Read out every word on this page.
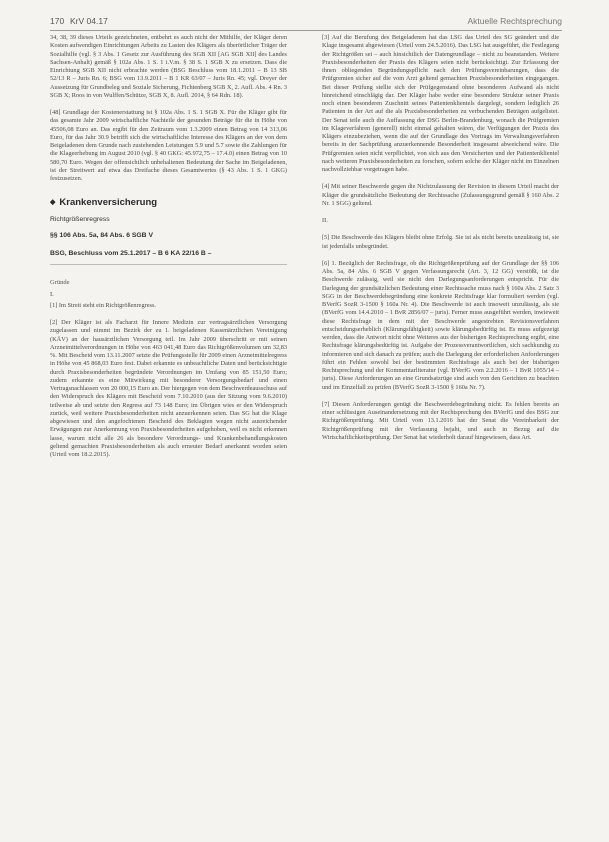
170 KrV 04.17	Aktuelle Rechtsprechung

34, 38, 39 dieses Urteils gezeichneten, entbehrt es auch nicht der Mithilfe, der Kläger deren Kosten aufwendigen Einrichtungen Arbeits zu Lasten des Klägers als überörtlicher Träger der Sozialhilfe (vgl. § 3 Abs. 1 Gesetz zur Ausführung des SGB XII [AG SGB XII] des Landes Sachsen-Anhalt) gemäß § 102a Abs. 1 S. 1 i.V.m. § 38 S. 1 SGB X zu ersetzen. Dass die Einrichtung SGB XII nicht erbrachte werden (BSG Beschluss vom 18.1.2011 – B 13 SB 52/13 R – Juris Rn. 6; BSG vom 13.9.2011 – B 1 KR 63/07 – Juris Rn. 45; vgl. Dreyer der Aussetzung für Grundbeleg und Soziale Sicherung, Fichtenberg SGB X, 2. Aufl. Abs. 4 Rn. 3 SGB X; Roos in von Wulffen/Schütze, SGB X, 8. Aufl. 2014, § 64 Rdn. 18).

[48] Grundlage der Kostenerstattung ist § 102a Abs. 1 S. 1 SGB X. Für die Kläger gibt für das gesamte Jahr 2009 wirtschaftliche Nachteile der gesunden Beträge für die in Höhe von 45506,08 Euro an. Das ergibt für den Zeitraum vom 1.3.2009 einen Betrag von 14 313,06 Euro, für das Jahr 30.9 betrifft sich die wirtschaftliche Interesse des Klägers an der von dem Beigeladenen dem Grunde nach zustehenden Leistungen 5.9 und 5.7 sowie die Zahlungen für die Klageerhebung im August 2010 (vgl. § 40 GKG: 45.972,75 – 17.4.0) einen Betrag von 10 580,70 Euro. Wegen der offensichtlich unbehaltenen Bedeutung der Sache im Beigeladenen, ist der Streitwert auf etwa das Dreifache dieses Gesamtwertes (§ 43 Abs. 1 S. 1 GKG) festzusetzen.

◆ Krankenversicherung
Richtgrößenregress
§§ 106 Abs. 5a, 84 Abs. 6 SGB V
BSG, Beschluss vom 25.1.2017 – B 6 KA 22/16 B –
Gründe
I.

[1] Im Streit steht ein Richtgrößenregress.

[2] Der Kläger ist als Facharzt für Innere Medizin zur vertragsärztlichen Versorgung zugelassen und nimmt im Bezirk der zu 1. beigeladenen Kassenärztlichen Vereinigung (KÄV) an der hausärztlichen Versorgung teil. Im Jahr 2009 überschritt er mit seinen Arzneimittelverordnungen in Höhe von 463 041,48 Euro das Richtgrößenvolumen um 32,83 %. Mit Bescheid vom 13.11.2007 setzte die Prüfungsstelle für 2009 einen Arzneimittelregress in Höhe von 45 868,03 Euro fest. Dabei erkannte es unbeachtliche Daten und berücksichtigte durch Praxisbesonderheiten begründete Verordnungen im Umfang von 85 151,50 Euro; zudem erkannte es eine Mitwirkung mit besonderer Versorgungsbedarf und einen Vertragsnachlassen von 20 000,15 Euro an. Der hiergegen von dem Beschwerdeausschuss auf den Widerspruch des Klägers mit Bescheid vom 7.10.2010 (aus der Sitzung vom 9.6.2010) teilweise ab und setzte den Regress auf 73 148 Euro; im Übrigen wies er den Widerspruch zurück, weil weitere Praxisbesonderheiten nicht anzuerkennen seien. Das SG hat die Klage abgewiesen und den angefochtenen Bescheid des Beklagten wegen nicht ausreichender Erwägungen zur Anerkennung von Praxisbesonderheiten aufgehoben, weil es nicht erkennen lasse, warum nicht alle 26 als besondere Verordnungs- und Krankenbehandlungskosten geltend gemachten Praxisbesonderheiten als auch erneuter Bedarf anerkannt worden seien (Urteil vom 18.2.2015).

[3] Auf die Berufung des Beigeladenen hat das LSG das Urteil des SG geändert und die Klage insgesamt abgewiesen (Urteil vom 24.5.2016). Das LSG hat ausgeführt, die Festlegung der Richtgrößen sei – auch hinsichtlich der Datengrundlage – nicht zu beanstanden. Weitere Praxisbesonderheiten der Praxis des Klägers seien nicht berücksichtigt. Zur Erfassung der ihnen obliegenden Begründungspflicht nach den Prüfungsvereinbarungen, dass die Prüfgremien sicher auf die vom Arzt geltend gemachten Praxisbesonderheiten eingegangen. Bei dieser Prüfung stellte sich der Prüfgegenstand ohne besonderen Aufwand als nicht hinreichend einschlägig dar. Der Kläger habe weder eine besondere Struktur seiner Praxis noch einen besonderen Zuschnitt seines Patientenklientels dargelegt, sondern lediglich 26 Patienten in der Art auf die als Praxisbesonderheiten zu verbuchenden Beträgen aufgelistet. Der Senat teile auch die Auffassung der DSG Berlin-Brandenburg, wonach die Prüfgremien im Klageverfahren (generell) nicht einmal gehalten wären, die Verfügungen der Praxis des Klägers einzubeziehen, wenn die auf der Grundlage des Vortrags im Verwaltungsverfahren bereits in der Sachprüfung anzuerkennende Besonderheit insgesamt abweichend wäre. Die Prüfgremien seien nicht verpflichtet, von sich aus den Versicherten und der Patientenklientel nach weiteren Praxisbesonderheiten zu forschen, sofern solche der Kläger nicht im Einzelnen nachvollziehbar vorgetragen habe.

[4] Mit seiner Beschwerde gegen die Nichtzulassung der Revision in diesem Urteil macht der Kläger die grundsätzliche Bedeutung der Rechtssache (Zulassungsgrund gemäß § 160 Abs. 2 Nr. 1 SGG) geltend.

II.

[5] Die Beschwerde des Klägers bleibt ohne Erfolg. Sie ist als nicht bereits unzulässig ist, sie ist jedenfalls unbegründet.

[6] 1. Bezüglich der Rechtsfrage, ob die Richtgrößenprüfung auf der Grundlage der §§ 106 Abs. 5a, 84 Abs. 6 SGB V gegen Verfassungsrecht (Art. 3, 12 GG) verstößt, ist die Beschwerde zulässig, weil sie nicht den Darlegungsanforderungen entspricht. Für die Darlegung der grundsätzlichen Bedeutung einer Rechtssache muss nach § 160a Abs. 2 Satz 3 SGG in der Beschwerdebegründung eine konkrete Rechtsfrage klar formuliert werden (vgl. BVerfG SozR 3-1500 § 160a Nr. 4). Die Beschwerde ist auch insoweit unzulässig, als sie (BVerfG vom 14.4.2010 – 1 BvR 2856/07 – juris). Ferner muss ausgeführt werden, inwieweit diese Rechtsfrage in dem mit der Beschwerde angestrebten Revisionsverfahren entscheidungserheblich (Klärungsfähigkeit) sowie klärungsbedürftig ist. Es muss aufgezeigt werden, dass die Antwort nicht ohne Weiteres aus der bisherigen Rechtsprechung ergibt, eine Rechtsfrage klärungsbedürftig ist. Aufgabe der Prozessverantwortlichen, sich sachkundig zu informieren und sich danach zu prüfen; auch die Darlegung der erforderlichen Anforderungen führt ein Fehlen sowohl bei der bestimmten Rechtsfrage als auch bei der bisherigen Rechtsprechung und der Kommentarliteratur (vgl. BVerfG vom 2.2.2016 – 1 BvR 1055/14 – juris). Diese Anforderungen an eine Grundsatzrüge sind auch von den Gerichten zu beachten und im Einzelfall zu prüfen (BVerfG SozR 3-1500 § 160a Nr. 7).

[7] Diesen Anforderungen genügt die Beschwerdebegründung nicht. Es fehlen bereits an einer schlüssigen Auseinandersetzung mit der Rechtsprechung des BVerfG und des BSG zur Richtgrößenprüfung. Mit Urteil vom 13.1.2016 hat der Senat die Vereinbarkeit der Richtgrößenprüfung mit der Verfassung bejaht, und auch in Bezug auf die Wirtschaftlichkeitsprüfung. Der Senat hat wiederholt darauf hingewiesen, dass Art.
